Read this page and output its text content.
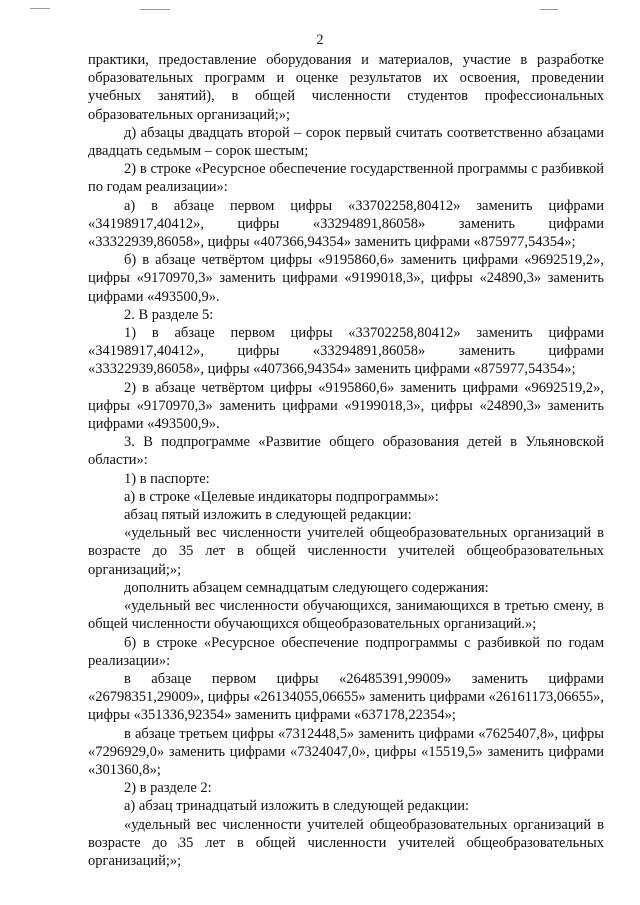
2

практики, предоставление оборудования и материалов, участие в разработке образовательных программ и оценке результатов их освоения, проведении учебных занятий), в общей численности студентов профессиональных образовательных организаций;»;

д) абзацы двадцать второй – сорок первый считать соответственно абзацами двадцать седьмым – сорок шестым;

2) в строке «Ресурсное обеспечение государственной программы с разбивкой по годам реализации»:

а) в абзаце первом цифры «33702258,80412» заменить цифрами «34198917,40412», цифры «33294891,86058» заменить цифрами «33322939,86058», цифры «407366,94354» заменить цифрами «875977,54354»;

б) в абзаце четвёртом цифры «9195860,6» заменить цифрами «9692519,2», цифры «9170970,3» заменить цифрами «9199018,3», цифры «24890,3» заменить цифрами «493500,9».

2. В разделе 5:

1) в абзаце первом цифры «33702258,80412» заменить цифрами «34198917,40412», цифры «33294891,86058» заменить цифрами «33322939,86058», цифры «407366,94354» заменить цифрами «875977,54354»;

2) в абзаце четвёртом цифры «9195860,6» заменить цифрами «9692519,2», цифры «9170970,3» заменить цифрами «9199018,3», цифры «24890,3» заменить цифрами «493500,9».

3. В подпрограмме «Развитие общего образования детей в Ульяновской области»:

1) в паспорте:

а) в строке «Целевые индикаторы подпрограммы»:

абзац пятый изложить в следующей редакции:

«удельный вес численности учителей общеобразовательных организаций в возрасте до 35 лет в общей численности учителей общеобразовательных организаций;»;

дополнить абзацем семнадцатым следующего содержания:

«удельный вес численности обучающихся, занимающихся в третью смену, в общей численности обучающихся общеобразовательных организаций.»;

б) в строке «Ресурсное обеспечение подпрограммы с разбивкой по годам реализации»:

в абзаце первом цифры «26485391,99009» заменить цифрами «26798351,29009», цифры «26134055,06655» заменить цифрами «26161173,06655», цифры «351336,92354» заменить цифрами «637178,22354»;

в абзаце третьем цифры «7312448,5» заменить цифрами «7625407,8», цифры «7296929,0» заменить цифрами «7324047,0», цифры «15519,5» заменить цифрами «301360,8»;

2) в разделе 2:

а) абзац тринадцатый изложить в следующей редакции:

«удельный вес численности учителей общеобразовательных организаций в возрасте до 35 лет в общей численности учителей общеобразовательных организаций;»;
